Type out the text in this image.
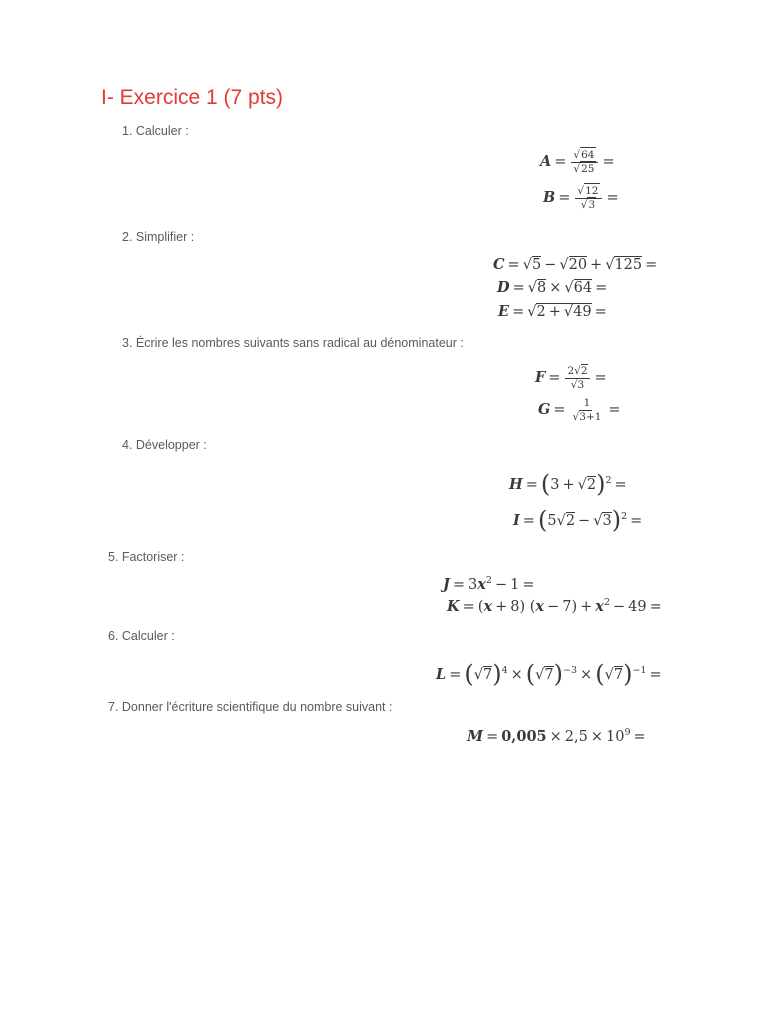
I- Exercice 1 (7 pts)
1. Calculer :
$A = \frac{√64}{√25}$ =
$B = \frac{√12}{√3}$ =
2. Simplifier :
C = √5 − √20 + √125 =
D = √8 × √64 =
E = √2 + √49 =
3. Écrire les nombres suivants sans radical au dénominateur :
$F = \frac{2√2}{√3}$ =
$G = \frac{1}{√3+1}$ =
4. Développer :
$H = (3 + √2)^2$ =
$I = (5√2 - √3)^2$ =
5. Factoriser :
$J = 3x^2 - 1$ =
K = (x + 8) $(x - 7) + x^2 - 49$ =
6. Calculer :
$L = (√7)^4 \times (√7)^{-3} \times (√7)^{-1}$ =
7. Donner l'écriture scientifique du nombre suivant :
$M = 0,005 \times 2,5 \times 10^9$ =
